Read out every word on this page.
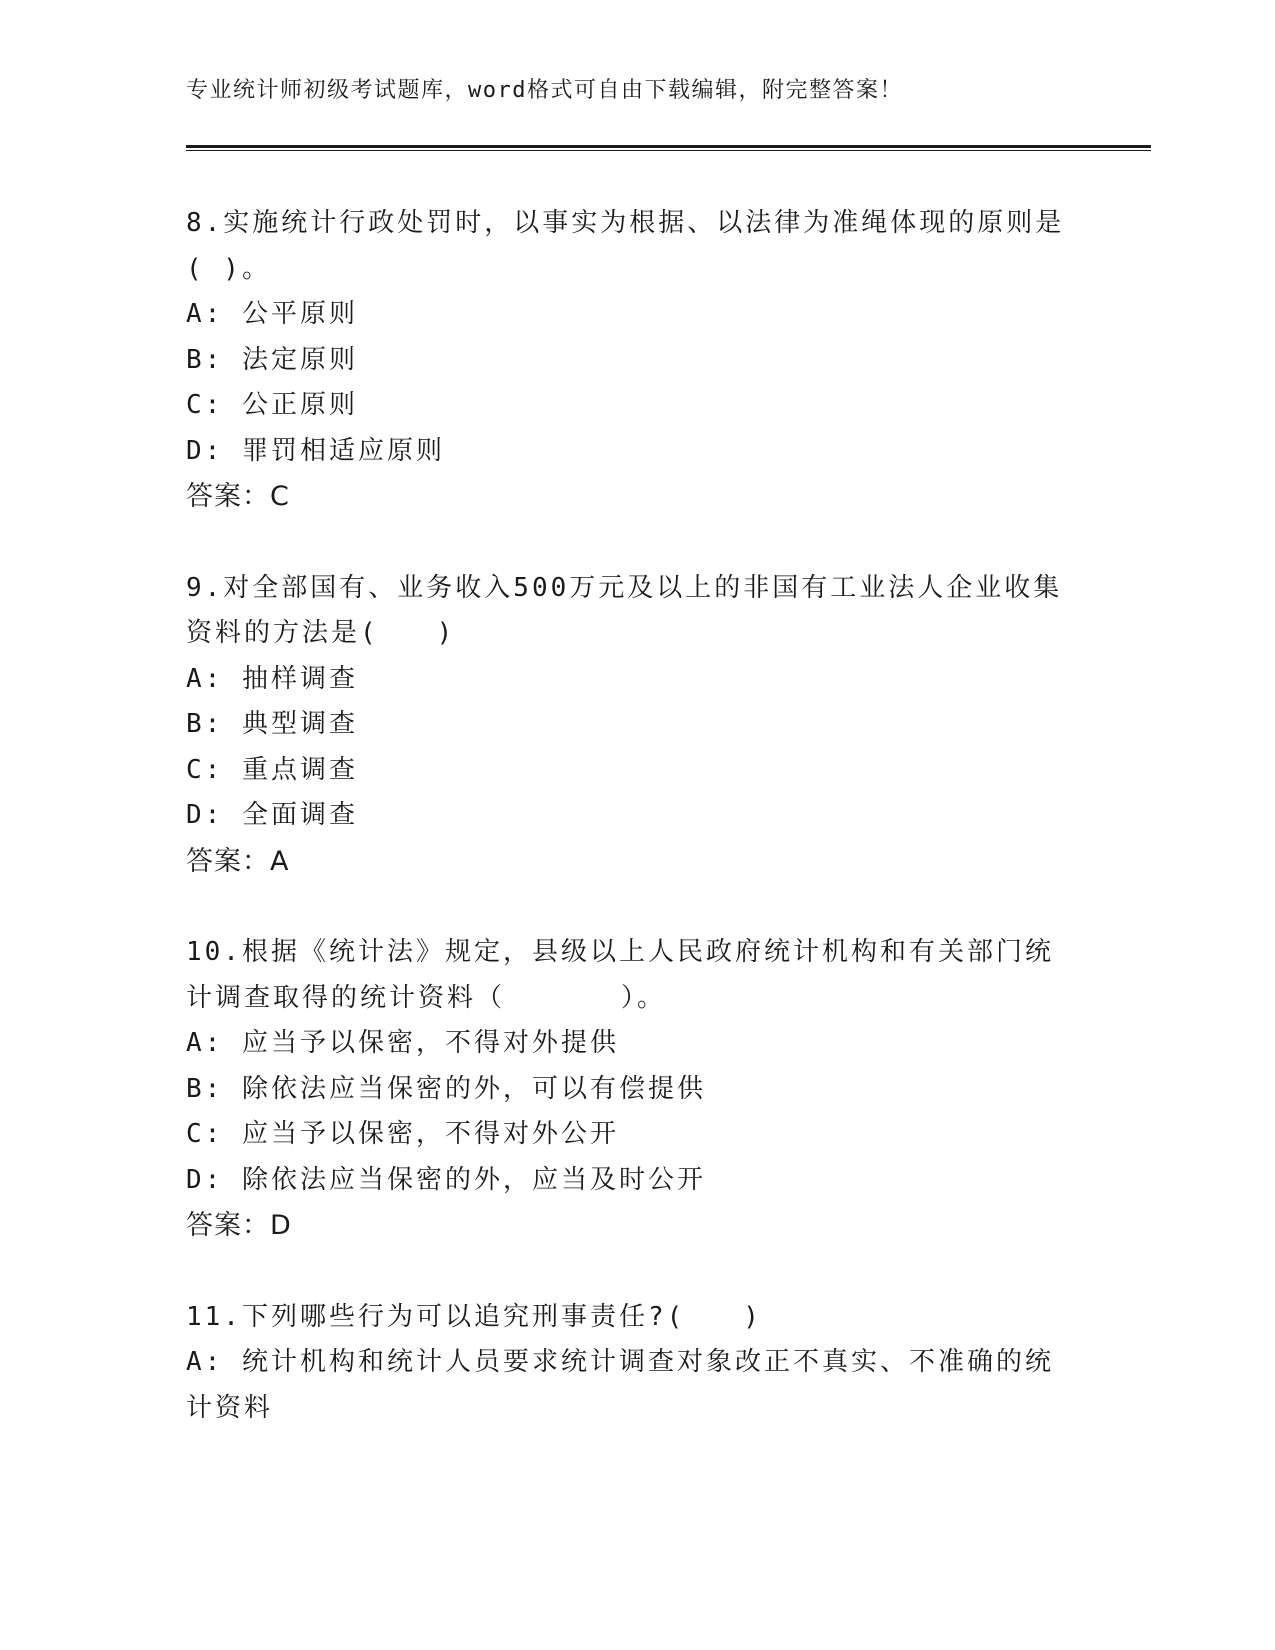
专业统计师初级考试题库，word格式可自由下载编辑，附完整答案！

8.实施统计行政处罚时，以事实为根据、以法律为准绳体现的原则是( )。

A: 公平原则

B: 法定原则

C: 公正原则

D: 罪罚相适应原则

答案：C

9.对全部国有、业务收入500万元及以上的非国有工业法人企业收集资料的方法是(　　)

A: 抽样调查

B: 典型调查

C: 重点调查

D: 全面调查

答案：A

10.根据《统计法》规定，县级以上人民政府统计机构和有关部门统计调查取得的统计资料（　　　　）。

A: 应当予以保密，不得对外提供

B: 除依法应当保密的外，可以有偿提供

C: 应当予以保密，不得对外公开

D: 除依法应当保密的外，应当及时公开

答案：D

11.下列哪些行为可以追究刑事责任?(　　)

A: 统计机构和统计人员要求统计调查对象改正不真实、不准确的统计资料
